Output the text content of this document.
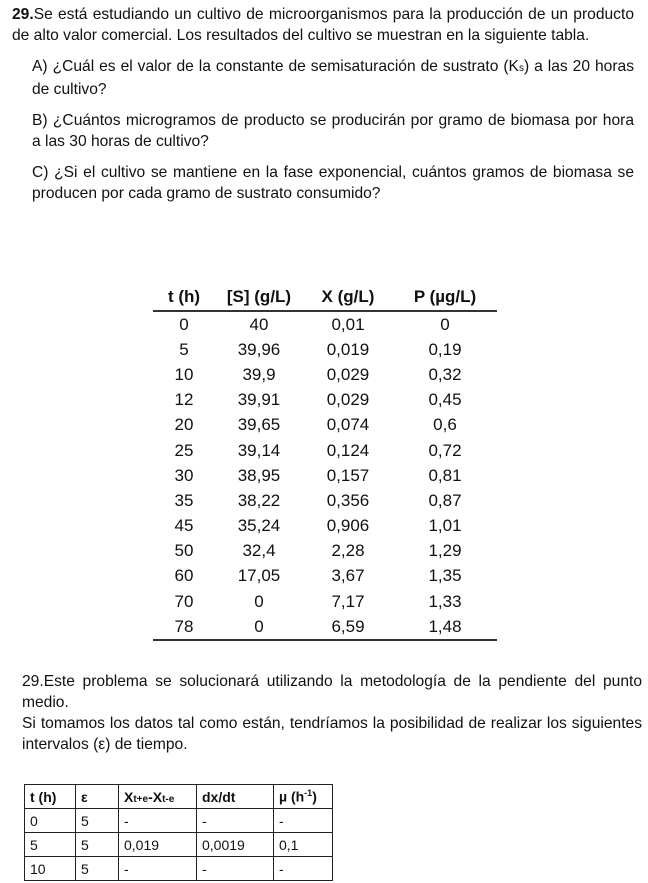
29.Se está estudiando un cultivo de microorganismos para la producción de un producto de alto valor comercial. Los resultados del cultivo se muestran en la siguiente tabla.

A) ¿Cuál es el valor de la constante de semisaturación de sustrato (Ks) a las 20 horas de cultivo?

B) ¿Cuántos microgramos de producto se producirán por gramo de biomasa por hora a las 30 horas de cultivo?

C) ¿Si el cultivo se mantiene en la fase exponencial, cuántos gramos de biomasa se producen por cada gramo de sustrato consumido?

t (h)	[S] (g/L)	X (g/L)	P (µg/L)
0	40	0,01	0
5	39,96	0,019	0,19
10	39,9	0,029	0,32
12	39,91	0,029	0,45
20	39,65	0,074	0,6
25	39,14	0,124	0,72
30	38,95	0,157	0,81
35	38,22	0,356	0,87
45	35,24	0,906	1,01
50	32,4	2,28	1,29
60	17,05	3,67	1,35
70	0	7,17	1,33
78	0	6,59	1,48

29.Este problema se solucionará utilizando la metodología de la pendiente del punto medio.

Si tomamos los datos tal como están, tendríamos la posibilidad de realizar los siguientes intervalos (ε) de tiempo.

t (h)	ε	Xt+e-Xt-e	dx/dt	µ $(h^{-1})$
0	5	-	-	-
5	5	0,019	0,0019	0,1
10	5	-	-	-
